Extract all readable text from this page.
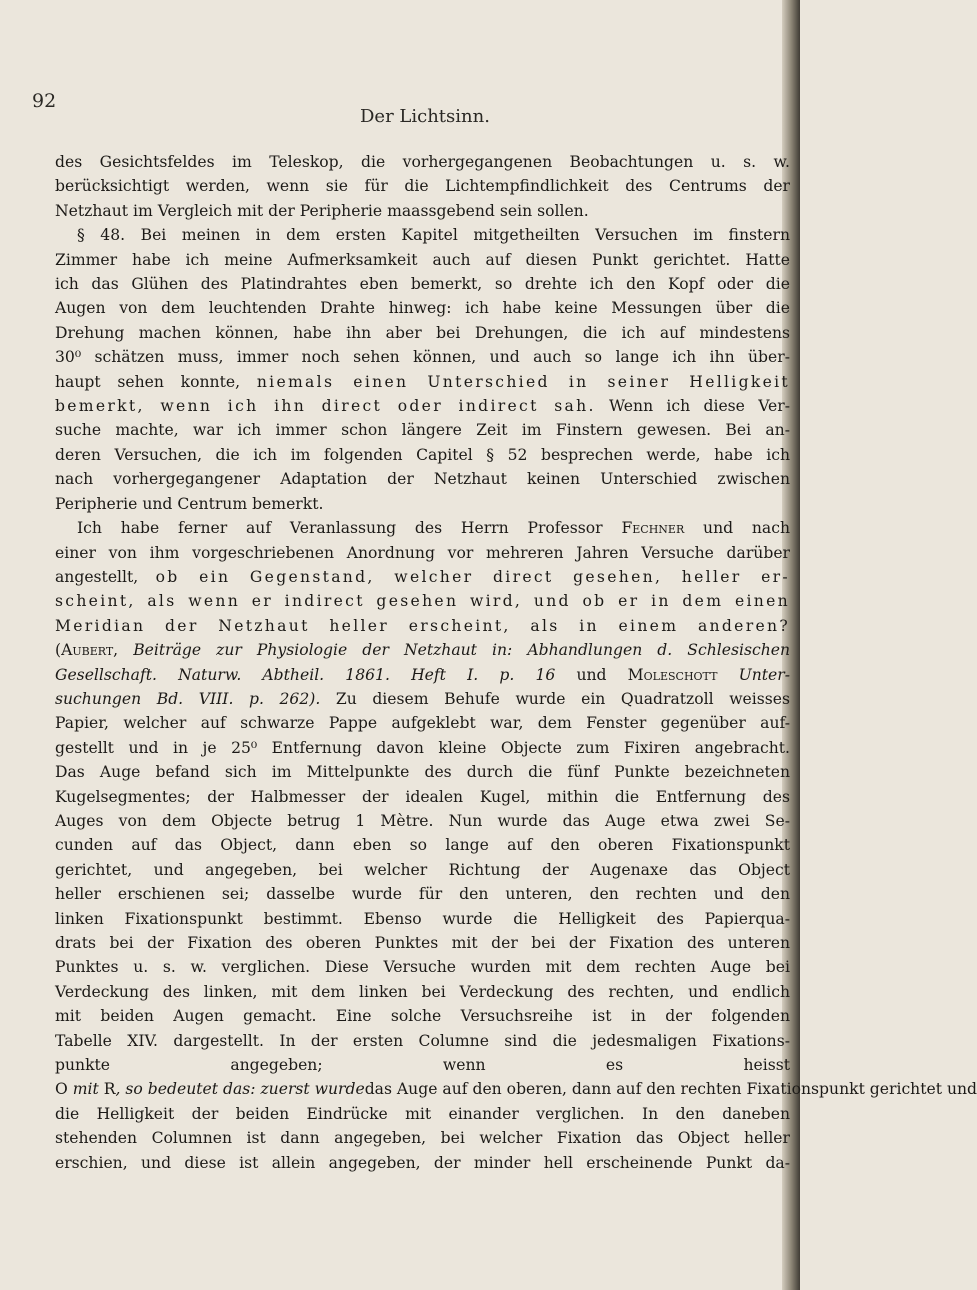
92
Der Lichtsinn.

des Gesichtsfeldes im Teleskop, die vorhergegangenen Beobachtungen u. s. w.
berücksichtigt werden, wenn sie für die Lichtempfindlichkeit des Centrums der
Netzhaut im Vergleich mit der Peripherie maassgebend sein sollen.

§ 48. Bei meinen in dem ersten Kapitel mitgetheilten Versuchen im finstern
Zimmer habe ich meine Aufmerksamkeit auch auf diesen Punkt gerichtet. Hatte
ich das Glühen des Platindrahtes eben bemerkt, so drehte ich den Kopf oder die
Augen von dem leuchtenden Drahte hinweg: ich habe keine Messungen über die
Drehung machen können, habe ihn aber bei Drehungen, die ich auf mindestens
30⁰ schätzen muss, immer noch sehen können, und auch so lange ich ihn über-
haupt sehen konnte, niemals einen Unterschied in seiner Helligkeit
bemerkt, wenn ich ihn direct oder indirect sah. Wenn ich diese Ver-
suche machte, war ich immer schon längere Zeit im Finstern gewesen. Bei an-
deren Versuchen, die ich im folgenden Capitel § 52 besprechen werde, habe ich
nach vorhergegangener Adaptation der Netzhaut keinen Unterschied zwischen
Peripherie und Centrum bemerkt.

Ich habe ferner auf Veranlassung des Herrn Professor Fechner und nach
einer von ihm vorgeschriebenen Anordnung vor mehreren Jahren Versuche darüber
angestellt, ob ein Gegenstand, welcher direct gesehen, heller er-
scheint, als wenn er indirect gesehen wird, und ob er in dem einen
Meridian der Netzhaut heller erscheint, als in einem anderen?
(Aubert, Beiträge zur Physiologie der Netzhaut in: Abhandlungen d. Schlesischen
Gesellschaft. Naturw. Abtheil. 1861. Heft I. p. 16 und Moleschott Unter-
suchungen Bd. VIII. p. 262). Zu diesem Behufe wurde ein Quadratzoll weisses
Papier, welcher auf schwarze Pappe aufgeklebt war, dem Fenster gegenüber auf-
gestellt und in je 25⁰ Entfernung davon kleine Objecte zum Fixiren angebracht.
Das Auge befand sich im Mittelpunkte des durch die fünf Punkte bezeichneten
Kugelsegmentes; der Halbmesser der idealen Kugel, mithin die Entfernung des
Auges von dem Objecte betrug 1 Mètre. Nun wurde das Auge etwa zwei Se-
cunden auf das Object, dann eben so lange auf den oberen Fixationspunkt
gerichtet, und angegeben, bei welcher Richtung der Augenaxe das Object
heller erschienen sei; dasselbe wurde für den unteren, den rechten und den
linken Fixationspunkt bestimmt. Ebenso wurde die Helligkeit des Papierqua-
drats bei der Fixation des oberen Punktes mit der bei der Fixation des unteren
Punktes u. s. w. verglichen. Diese Versuche wurden mit dem rechten Auge bei
Verdeckung des linken, mit dem linken bei Verdeckung des rechten, und endlich
mit beiden Augen gemacht. Eine solche Versuchsreihe ist in der folgenden
Tabelle XIV. dargestellt. In der ersten Columne sind die jedesmaligen Fixations-
punkte angegeben; wenn es heisst
O mit R, so bedeutet das: zuerst wurdedas Auge auf den oberen, dann auf den rechten Fixationspunkt gerichtet und
die Helligkeit der beiden Eindrücke mit einander verglichen. In den daneben
stehenden Columnen ist dann angegeben, bei welcher Fixation das Object heller
erschien, und diese ist allein angegeben, der minder hell erscheinende Punkt da-
